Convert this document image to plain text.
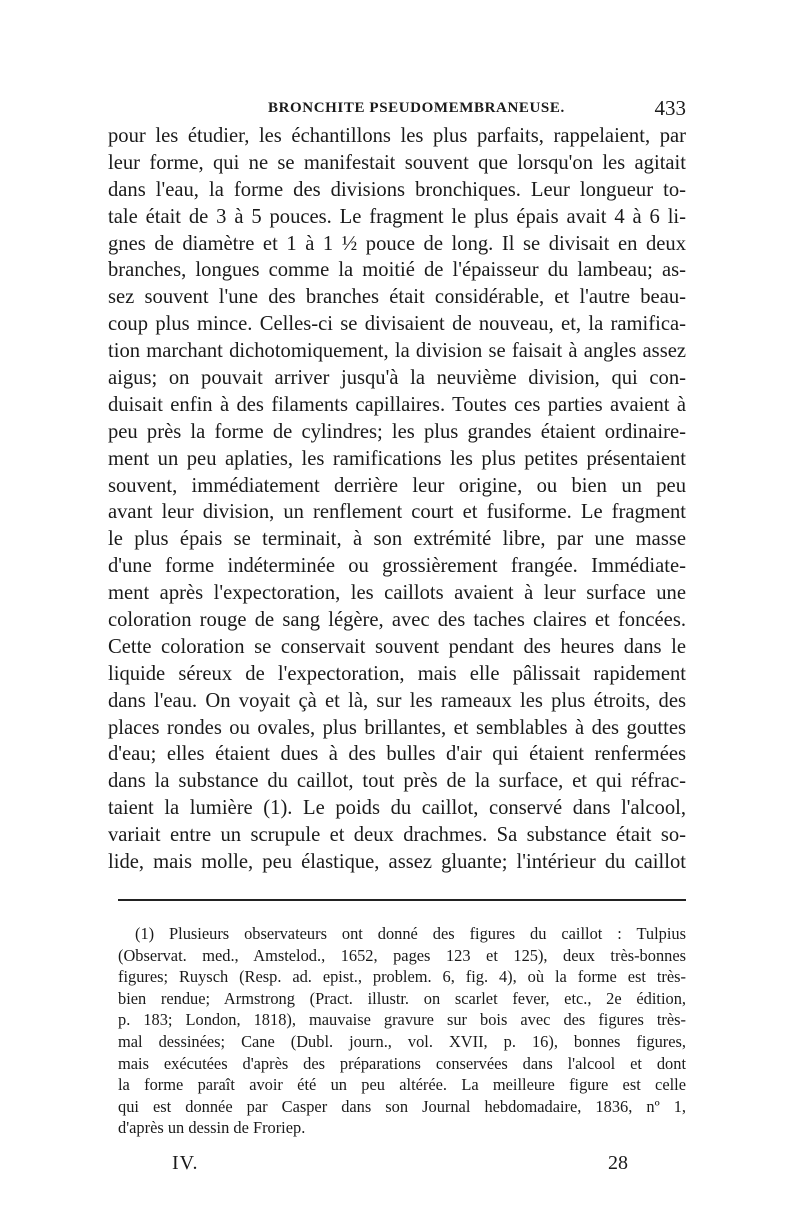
BRONCHITE PSEUDOMEMBRANEUSE.	433
pour les étudier, les échantillons les plus parfaits, rappelaient, par
leur forme, qui ne se manifestait souvent que lorsqu'on les agitait
dans l'eau, la forme des divisions bronchiques. Leur longueur to-
tale était de 3 à 5 pouces. Le fragment le plus épais avait 4 à 6 li-
gnes de diamètre et 1 à 1 ½ pouce de long. Il se divisait en deux
branches, longues comme la moitié de l'épaisseur du lambeau; as-
sez souvent l'une des branches était considérable, et l'autre beau-
coup plus mince. Celles-ci se divisaient de nouveau, et, la ramifica-
tion marchant dichotomiquement, la division se faisait à angles assez
aigus; on pouvait arriver jusqu'à la neuvième division, qui con-
duisait enfin à des filaments capillaires. Toutes ces parties avaient à
peu près la forme de cylindres; les plus grandes étaient ordinaire-
ment un peu aplaties, les ramifications les plus petites présentaient
souvent, immédiatement derrière leur origine, ou bien un peu
avant leur division, un renflement court et fusiforme. Le fragment
le plus épais se terminait, à son extrémité libre, par une masse
d'une forme indéterminée ou grossièrement frangée. Immédiate-
ment après l'expectoration, les caillots avaient à leur surface une
coloration rouge de sang légère, avec des taches claires et foncées.
Cette coloration se conservait souvent pendant des heures dans le
liquide séreux de l'expectoration, mais elle pâlissait rapidement
dans l'eau. On voyait çà et là, sur les rameaux les plus étroits, des
places rondes ou ovales, plus brillantes, et semblables à des gouttes
d'eau; elles étaient dues à des bulles d'air qui étaient renfermées
dans la substance du caillot, tout près de la surface, et qui réfrac-
taient la lumière (1). Le poids du caillot, conservé dans l'alcool,
variait entre un scrupule et deux drachmes. Sa substance était so-
lide, mais molle, peu élastique, assez gluante; l'intérieur du caillot
(1) Plusieurs observateurs ont donné des figures du caillot : Tulpius
(Observat. med., Amstelod., 1652, pages 123 et 125), deux très-bonnes
figures; Ruysch (Resp. ad. epist., problem. 6, fig. 4), où la forme est très-
bien rendue; Armstrong (Pract. illustr. on scarlet fever, etc., 2e édition,
p. 183; London, 1818), mauvaise gravure sur bois avec des figures très-
mal dessinées; Cane (Dubl. journ., vol. XVII, p. 16), bonnes figures,
mais exécutées d'après des préparations conservées dans l'alcool et dont
la forme paraît avoir été un peu altérée. La meilleure figure est celle
qui est donnée par Casper dans son Journal hebdomadaire, 1836, nº 1,
d'après un dessin de Froriep.
IV.	28
